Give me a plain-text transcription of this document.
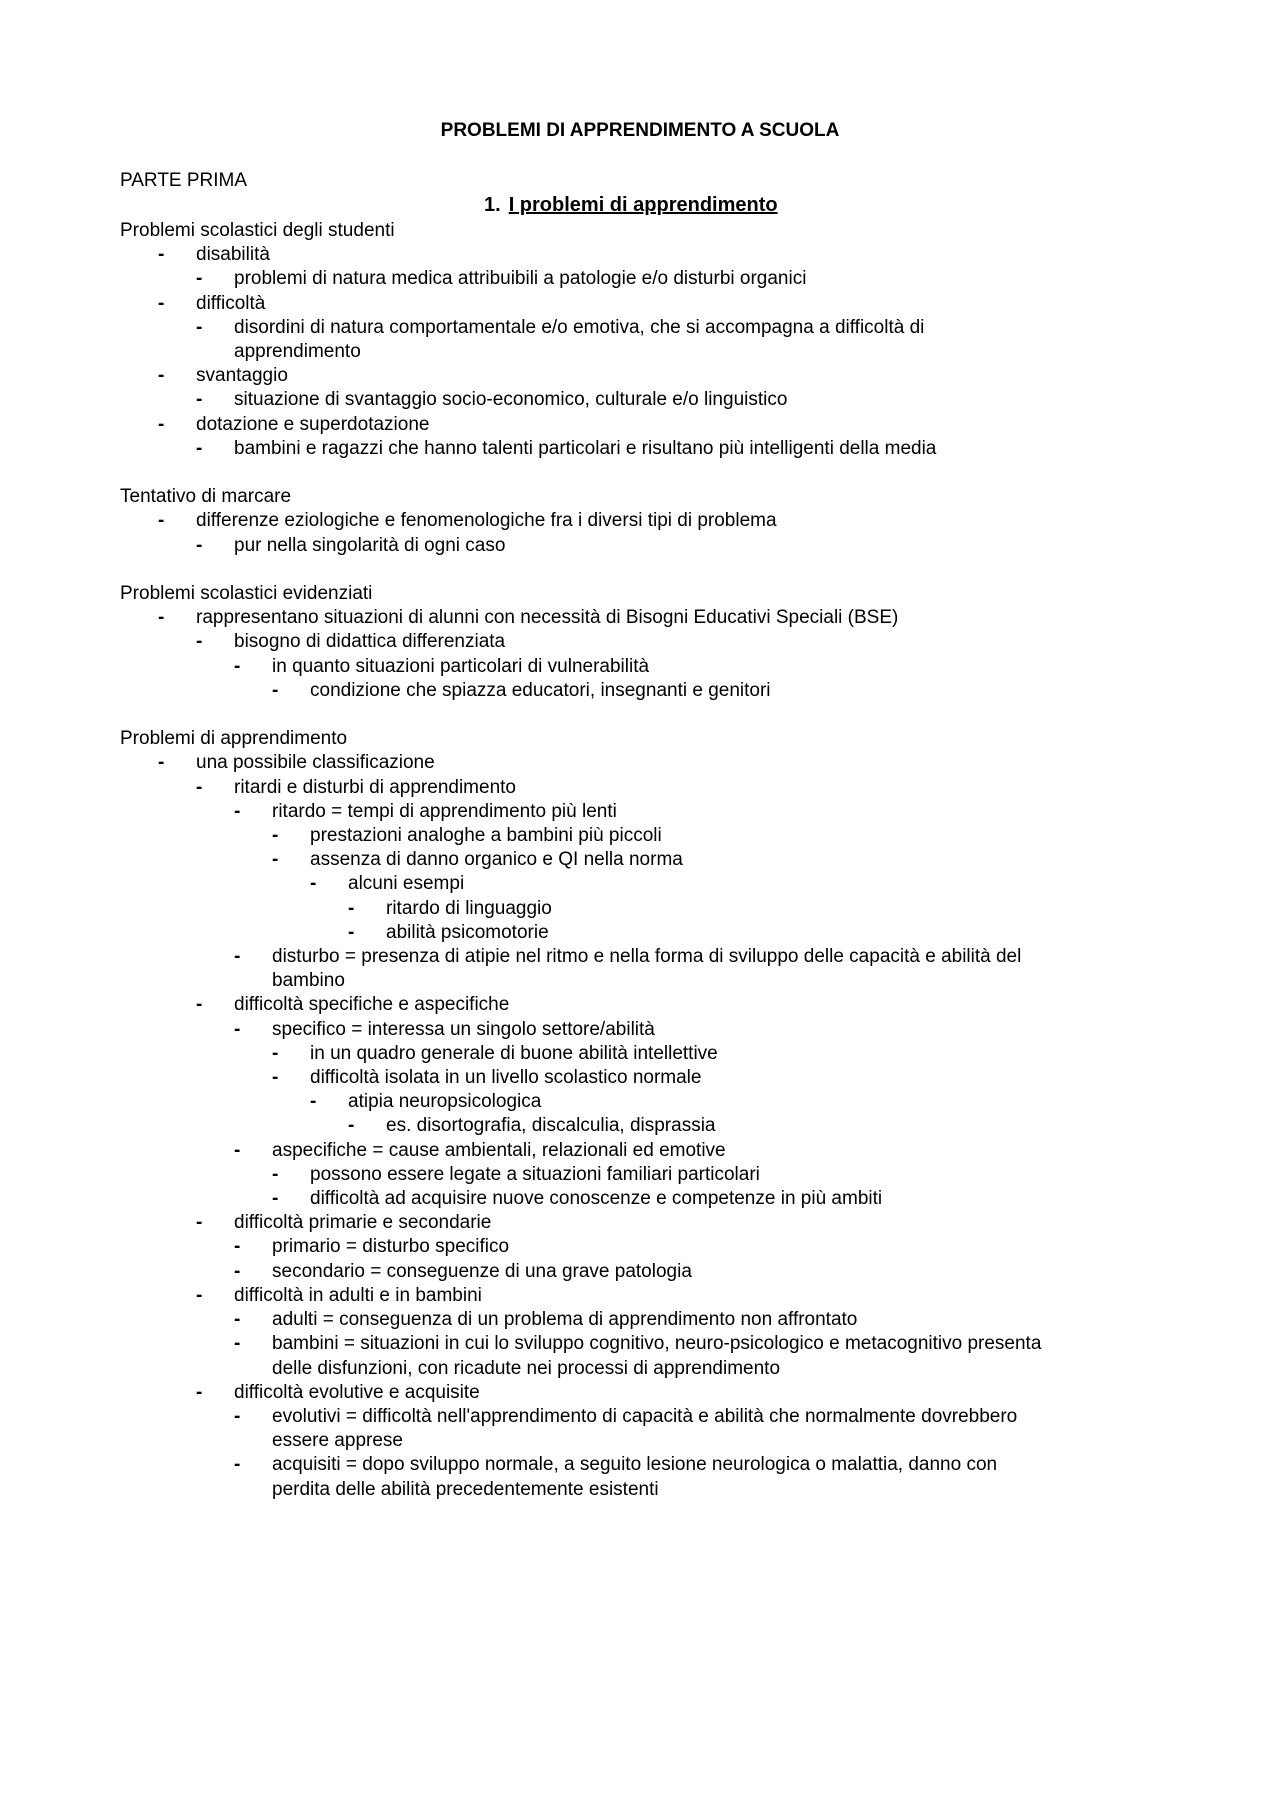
PROBLEMI DI APPRENDIMENTO A SCUOLA
PARTE PRIMA
1. I problemi di apprendimento
Problemi scolastici degli studenti
- disabilità
- problemi di natura medica attribuibili a patologie e/o disturbi organici
- difficoltà
- disordini di natura comportamentale e/o emotiva, che si accompagna a difficoltà di
apprendimento
- svantaggio
- situazione di svantaggio socio-economico, culturale e/o linguistico
- dotazione e superdotazione
- bambini e ragazzi che hanno talenti particolari e risultano più intelligenti della media
Tentativo di marcare
- differenze eziologiche e fenomenologiche fra i diversi tipi di problema
- pur nella singolarità di ogni caso
Problemi scolastici evidenziati
- rappresentano situazioni di alunni con necessità di Bisogni Educativi Speciali (BSE)
- bisogno di didattica differenziata
- in quanto situazioni particolari di vulnerabilità
- condizione che spiazza educatori, insegnanti e genitori
Problemi di apprendimento
- una possibile classificazione
- ritardi e disturbi di apprendimento
- ritardo = tempi di apprendimento più lenti
- prestazioni analoghe a bambini più piccoli
- assenza di danno organico e QI nella norma
- alcuni esempi
- ritardo di linguaggio
- abilità psicomotorie
- disturbo = presenza di atipie nel ritmo e nella forma di sviluppo delle capacità e abilità del
bambino
- difficoltà specifiche e aspecifiche
- specifico = interessa un singolo settore/abilità
- in un quadro generale di buone abilità intellettive
- difficoltà isolata in un livello scolastico normale
- atipia neuropsicologica
- es. disortografia, discalculia, disprassia
- aspecifiche = cause ambientali, relazionali ed emotive
- possono essere legate a situazioni familiari particolari
- difficoltà ad acquisire nuove conoscenze e competenze in più ambiti
- difficoltà primarie e secondarie
- primario = disturbo specifico
- secondario = conseguenze di una grave patologia
- difficoltà in adulti e in bambini
- adulti = conseguenza di un problema di apprendimento non affrontato
- bambini = situazioni in cui lo sviluppo cognitivo, neuro-psicologico e metacognitivo presenta
delle disfunzioni, con ricadute nei processi di apprendimento
- difficoltà evolutive e acquisite
- evolutivi = difficoltà nell'apprendimento di capacità e abilità che normalmente dovrebbero
essere apprese
- acquisiti = dopo sviluppo normale, a seguito lesione neurologica o malattia, danno con
perdita delle abilità precedentemente esistenti
